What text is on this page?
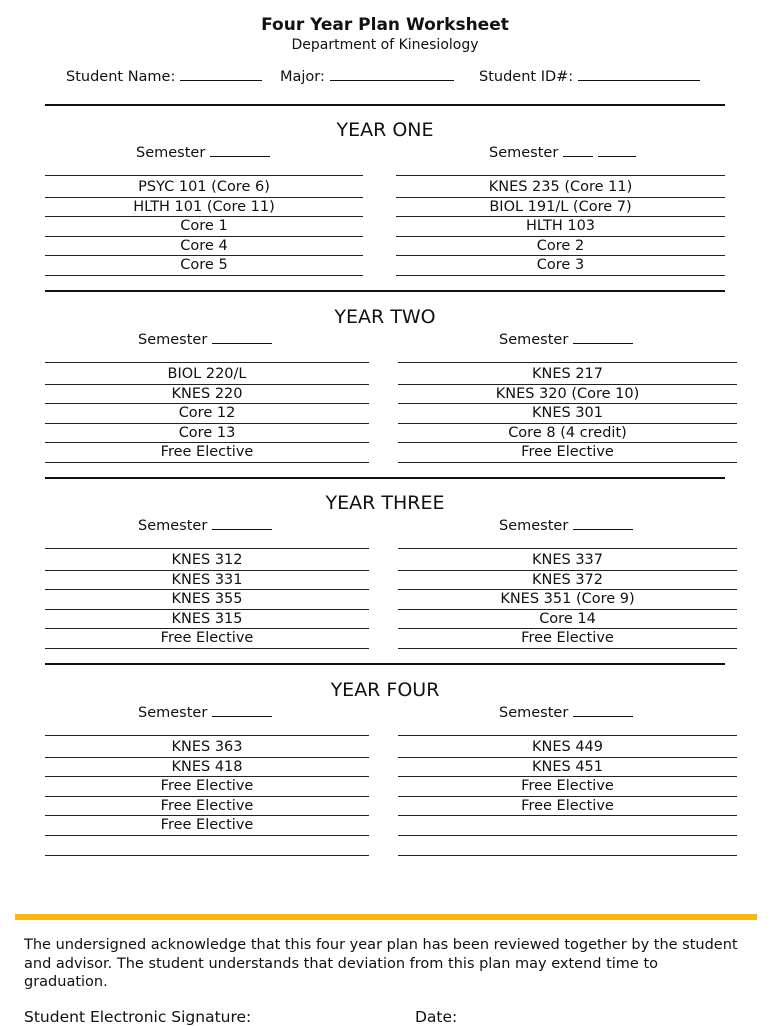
Four Year Plan Worksheet
Department of Kinesiology
Student Name:	Major:	Student ID#:
YEAR ONE
Semester
PSYC 101 (Core 6)
HLTH 101 (Core 11)
Core 1
Core 4
Core 5
Semester
KNES 235 (Core 11)
BIOL 191/L (Core 7)
HLTH 103
Core 2
Core 3
YEAR TWO
Semester
BIOL 220/L
KNES 220
Core 12
Core 13
Free Elective
Semester
KNES 217
KNES 320 (Core 10)
KNES 301
Core 8 (4 credit)
Free Elective
YEAR THREE
Semester
KNES 312
KNES 331
KNES 355
KNES 315
Free Elective
Semester
KNES 337
KNES 372
KNES 351 (Core 9)
Core 14
Free Elective
YEAR FOUR
Semester
KNES 363
KNES 418
Free Elective
Free Elective
Free Elective
Semester
KNES 449
KNES 451
Free Elective
Free Elective
The undersigned acknowledge that this four year plan has been reviewed together by the student and advisor. The student understands that deviation from this plan may extend time to graduation.
Student Electronic Signature:	Date:
